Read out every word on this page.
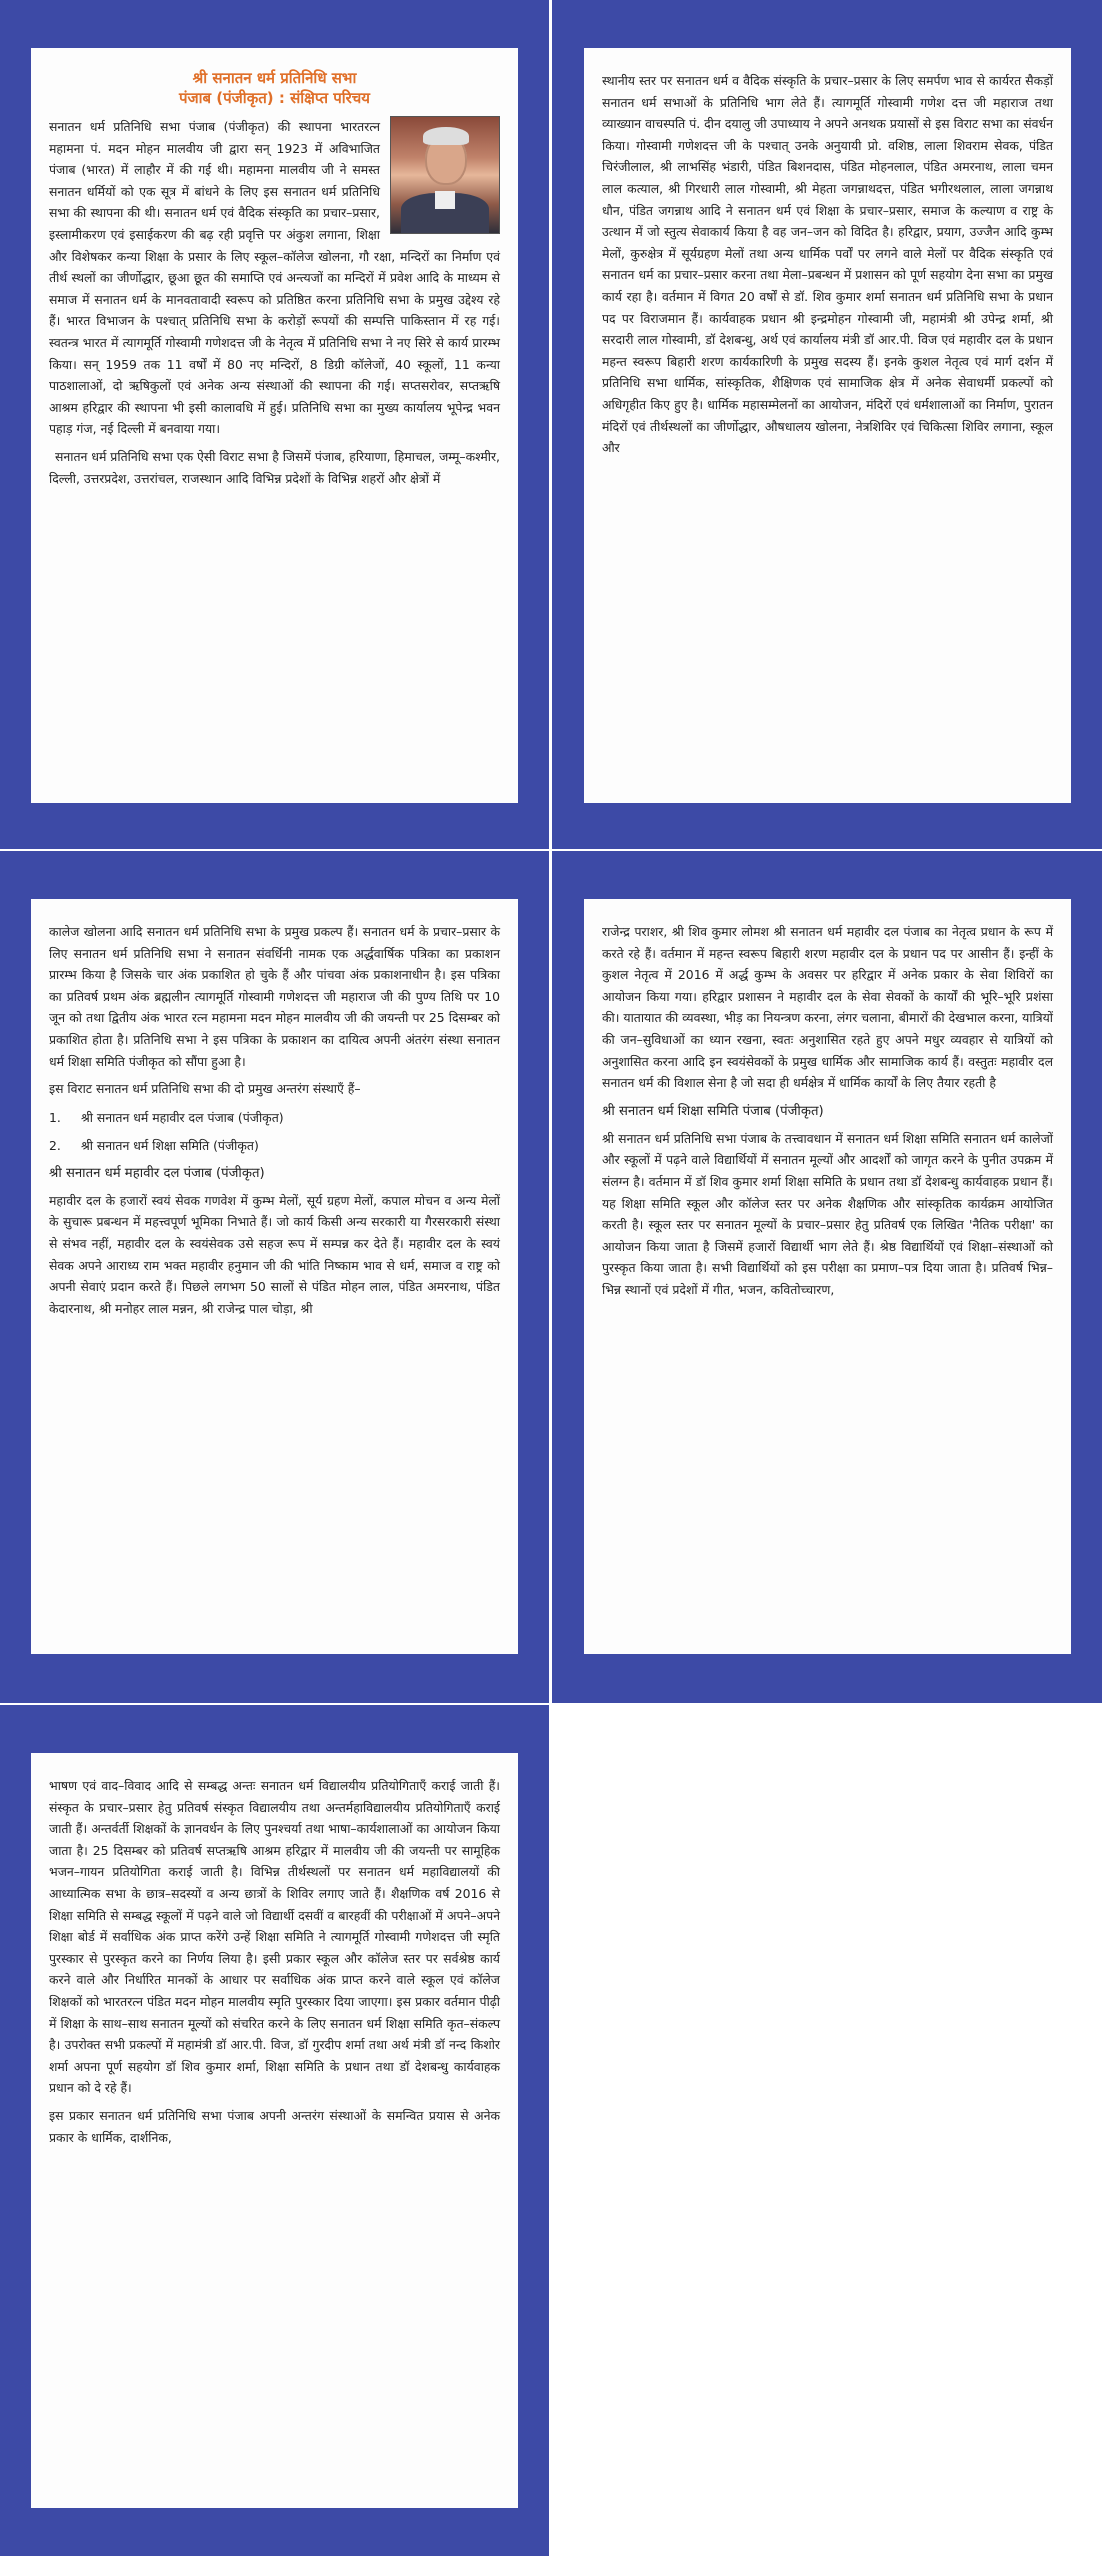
श्री सनातन धर्म प्रतिनिधि सभा
पंजाब (पंजीकृत) : संक्षिप्त परिचय

सनातन धर्म प्रतिनिधि सभा पंजाब (पंजीकृत) की स्थापना भारतरत्न महामना पं. मदन मोहन मालवीय जी द्वारा सन् 1923 में अविभाजित पंजाब (भारत) में लाहौर में की गई थी। महामना मालवीय जी ने समस्त सनातन धर्मियों को एक सूत्र में बांधने के लिए इस सनातन धर्म प्रतिनिधि सभा की स्थापना की थी। सनातन धर्म एवं वैदिक संस्कृति का प्रचार–प्रसार, इस्लामीकरण एवं इसाईकरण की बढ़ रही प्रवृत्ति पर अंकुश लगाना, शिक्षा और विशेषकर कन्या शिक्षा के प्रसार के लिए स्कूल–कॉलेज खोलना, गौ रक्षा, मन्दिरों का निर्माण एवं तीर्थ स्थलों का जीर्णोद्धार, छूआ छूत की समाप्ति एवं अन्त्यजों का मन्दिरों में प्रवेश आदि के माध्यम से समाज में सनातन धर्म के मानवतावादी स्वरूप को प्रतिष्ठित करना प्रतिनिधि सभा के प्रमुख उद्देश्य रहे हैं। भारत विभाजन के पश्चात् प्रतिनिधि सभा के करोड़ों रूपयों की सम्पत्ति पाकिस्तान में रह गई। स्वतन्त्र भारत में त्यागमूर्ति गोस्वामी गणेशदत्त जी के नेतृत्व में प्रतिनिधि सभा ने नए सिरे से कार्य प्रारम्भ किया। सन् 1959 तक 11 वर्षों में 80 नए मन्दिरों, 8 डिग्री कॉलेजों, 40 स्कूलों, 11 कन्या पाठशालाओं, दो ऋषिकुलों एवं अनेक अन्य संस्थाओं की स्थापना की गई। सप्तसरोवर, सप्तऋषि आश्रम हरिद्वार की स्थापना भी इसी कालावधि में हुई। प्रतिनिधि सभा का मुख्य कार्यालय भूपेन्द्र भवन पहाड़ गंज, नई दिल्ली में बनवाया गया।

सनातन धर्म प्रतिनिधि सभा एक ऐसी विराट सभा है जिसमें पंजाब, हरियाणा, हिमाचल, जम्मू–कश्मीर, दिल्ली, उत्तरप्रदेश, उत्तरांचल, राजस्थान आदि विभिन्न प्रदेशों के विभिन्न शहरों और क्षेत्रों में

स्थानीय स्तर पर सनातन धर्म व वैदिक संस्कृति के प्रचार–प्रसार के लिए समर्पण भाव से कार्यरत सैकड़ों सनातन धर्म सभाओं के प्रतिनिधि भाग लेते हैं। त्यागमूर्ति गोस्वामी गणेश दत्त जी महाराज तथा व्याख्यान वाचस्पति पं. दीन दयालु जी उपाध्याय ने अपने अनथक प्रयासों से इस विराट सभा का संवर्धन किया। गोस्वामी गणेशदत्त जी के पश्चात् उनके अनुयायी प्रो. वशिष्ठ, लाला शिवराम सेवक, पंडित चिरंजीलाल, श्री लाभसिंह भंडारी, पंडित बिशनदास, पंडित मोहनलाल, पंडित अमरनाथ, लाला चमन लाल कत्याल, श्री गिरधारी लाल गोस्वामी, श्री मेहता जगन्नाथदत्त, पंडित भगीरथलाल, लाला जगन्नाथ धौन, पंडित जगन्नाथ आदि ने सनातन धर्म एवं शिक्षा के प्रचार–प्रसार, समाज के कल्याण व राष्ट्र के उत्थान में जो स्तुत्य सेवाकार्य किया है वह जन–जन को विदित है। हरिद्वार, प्रयाग, उज्जैन आदि कुम्भ मेलों, कुरुक्षेत्र में सूर्यग्रहण मेलों तथा अन्य धार्मिक पर्वों पर लगने वाले मेलों पर वैदिक संस्कृति एवं सनातन धर्म का प्रचार–प्रसार करना तथा मेला–प्रबन्धन में प्रशासन को पूर्ण सहयोग देना सभा का प्रमुख कार्य रहा है। वर्तमान में विगत 20 वर्षों से डॉ. शिव कुमार शर्मा सनातन धर्म प्रतिनिधि सभा के प्रधान पद पर विराजमान हैं। कार्यवाहक प्रधान श्री इन्द्रमोहन गोस्वामी जी, महामंत्री श्री उपेन्द्र शर्मा, श्री सरदारी लाल गोस्वामी, डॉ देशबन्धु, अर्थ एवं कार्यालय मंत्री डॉ आर.पी. विज एवं महावीर दल के प्रधान महन्त स्वरूप बिहारी शरण कार्यकारिणी के प्रमुख सदस्य हैं। इनके कुशल नेतृत्व एवं मार्ग दर्शन में प्रतिनिधि सभा धार्मिक, सांस्कृतिक, शैक्षिणक एवं सामाजिक क्षेत्र में अनेक सेवाधर्मी प्रकल्पों को अधिगृहीत किए हुए है। धार्मिक महासम्मेलनों का आयोजन, मंदिरों एवं धर्मशालाओं का निर्माण, पुरातन मंदिरों एवं तीर्थस्थलों का जीर्णोद्धार, औषधालय खोलना, नेत्रशिविर एवं चिकित्सा शिविर लगाना, स्कूल और

कालेज खोलना आदि सनातन धर्म प्रतिनिधि सभा के प्रमुख प्रकल्प हैं। सनातन धर्म के प्रचार–प्रसार के लिए सनातन धर्म प्रतिनिधि सभा ने सनातन संवर्धिनी नामक एक अर्द्धवार्षिक पत्रिका का प्रकाशन प्रारम्भ किया है जिसके चार अंक प्रकाशित हो चुके हैं और पांचवा अंक प्रकाशनाधीन है। इस पत्रिका का प्रतिवर्ष प्रथम अंक ब्रह्मलीन त्यागमूर्ति गोस्वामी गणेशदत्त जी महाराज जी की पुण्य तिथि पर 10 जून को तथा द्वितीय अंक भारत रत्न महामना मदन मोहन मालवीय जी की जयन्ती पर 25 दिसम्बर को प्रकाशित होता है। प्रतिनिधि सभा ने इस पत्रिका के प्रकाशन का दायित्व अपनी अंतरंग संस्था सनातन धर्म शिक्षा समिति पंजीकृत को सौंपा हुआ है।

इस विराट सनातन धर्म प्रतिनिधि सभा की दो प्रमुख अन्तरंग संस्थाएँ हैं–

1.	श्री सनातन धर्म महावीर दल पंजाब (पंजीकृत)
2.	श्री सनातन धर्म शिक्षा समिति (पंजीकृत)
श्री सनातन धर्म महावीर दल पंजाब (पंजीकृत)

महावीर दल के हजारों स्वयं सेवक गणवेश में कुम्भ मेलों, सूर्य ग्रहण मेलों, कपाल मोचन व अन्य मेलों के सुचारू प्रबन्धन में महत्त्वपूर्ण भूमिका निभाते हैं। जो कार्य किसी अन्य सरकारी या गैरसरकारी संस्था से संभव नहीं, महावीर दल के स्वयंसेवक उसे सहज रूप में सम्पन्न कर देते हैं। महावीर दल के स्वयं सेवक अपने आराध्य राम भक्त महावीर हनुमान जी की भांति निष्काम भाव से धर्म, समाज व राष्ट्र को अपनी सेवाएं प्रदान करते हैं। पिछले लगभग 50 सालों से पंडित मोहन लाल, पंडित अमरनाथ, पंडित केदारनाथ, श्री मनोहर लाल मन्नन, श्री राजेन्द्र पाल चोड़ा, श्री

राजेन्द्र पराशर, श्री शिव कुमार लोमश श्री सनातन धर्म महावीर दल पंजाब का नेतृत्व प्रधान के रूप में करते रहे हैं। वर्तमान में महन्त स्वरूप बिहारी शरण महावीर दल के प्रधान पद पर आसीन हैं। इन्हीं के कुशल नेतृत्व में 2016 में अर्द्ध कुम्भ के अवसर पर हरिद्वार में अनेक प्रकार के सेवा शिविरों का आयोजन किया गया। हरिद्वार प्रशासन ने महावीर दल के सेवा सेवकों के कार्यों की भूरि–भूरि प्रशंसा की। यातायात की व्यवस्था, भीड़ का नियन्त्रण करना, लंगर चलाना, बीमारों की देखभाल करना, यात्रियों की जन–सुविधाओं का ध्यान रखना, स्वतः अनुशासित रहते हुए अपने मधुर व्यवहार से यात्रियों को अनुशासित करना आदि इन स्वयंसेवकों के प्रमुख धार्मिक और सामाजिक कार्य हैं। वस्तुतः महावीर दल सनातन धर्म की विशाल सेना है जो सदा ही धर्मक्षेत्र में धार्मिक कार्यों के लिए तैयार रहती है

श्री सनातन धर्म शिक्षा समिति पंजाब (पंजीकृत)

श्री सनातन धर्म प्रतिनिधि सभा पंजाब के तत्त्वावधान में सनातन धर्म शिक्षा समिति सनातन धर्म कालेजों और स्कूलों में पढ़ने वाले विद्यार्थियों में सनातन मूल्यों और आदर्शों को जागृत करने के पुनीत उपक्रम में संलग्न है। वर्तमान में डॉ शिव कुमार शर्मा शिक्षा समिति के प्रधान तथा डॉ देशबन्धु कार्यवाहक प्रधान हैं। यह शिक्षा समिति स्कूल और कॉलेज स्तर पर अनेक शैक्षणिक और सांस्कृतिक कार्यक्रम आयोजित करती है। स्कूल स्तर पर सनातन मूल्यों के प्रचार–प्रसार हेतु प्रतिवर्ष एक लिखित 'नैतिक परीक्षा' का आयोजन किया जाता है जिसमें हजारों विद्यार्थी भाग लेते हैं। श्रेष्ठ विद्यार्थियों एवं शिक्षा–संस्थाओं को पुरस्कृत किया जाता है। सभी विद्यार्थियों को इस परीक्षा का प्रमाण–पत्र दिया जाता है। प्रतिवर्ष भिन्न–भिन्न स्थानों एवं प्रदेशों में गीत, भजन, कवितोच्चारण,

भाषण एवं वाद–विवाद आदि से सम्बद्ध अन्तः सनातन धर्म विद्यालयीय प्रतियोगिताएँ कराई जाती हैं। संस्कृत के प्रचार–प्रसार हेतु प्रतिवर्ष संस्कृत विद्यालयीय तथा अन्तर्महाविद्यालयीय प्रतियोगिताएँ कराई जाती हैं। अन्तर्वर्ती शिक्षकों के ज्ञानवर्धन के लिए पुनश्चर्या तथा भाषा–कार्यशालाओं का आयोजन किया जाता है। 25 दिसम्बर को प्रतिवर्ष सप्तऋषि आश्रम हरिद्वार में मालवीय जी की जयन्ती पर सामूहिक भजन–गायन प्रतियोगिता कराई जाती है। विभिन्न तीर्थस्थलों पर सनातन धर्म महाविद्यालयों की आध्यात्मिक सभा के छात्र–सदस्यों व अन्य छात्रों के शिविर लगाए जाते हैं। शैक्षणिक वर्ष 2016 से शिक्षा समिति से सम्बद्ध स्कूलों में पढ़ने वाले जो विद्यार्थी दसवीं व बारहवीं की परीक्षाओं में अपने–अपने शिक्षा बोर्ड में सर्वाधिक अंक प्राप्त करेंगे उन्हें शिक्षा समिति ने त्यागमूर्ति गोस्वामी गणेशदत्त जी स्मृति पुरस्कार से पुरस्कृत करने का निर्णय लिया है। इसी प्रकार स्कूल और कॉलेज स्तर पर सर्वश्रेष्ठ कार्य करने वाले और निर्धारित मानकों के आधार पर सर्वाधिक अंक प्राप्त करने वाले स्कूल एवं कॉलेज शिक्षकों को भारतरत्न पंडित मदन मोहन मालवीय स्मृति पुरस्कार दिया जाएगा। इस प्रकार वर्तमान पीढ़ी में शिक्षा के साथ–साथ सनातन मूल्यों को संचरित करने के लिए सनातन धर्म शिक्षा समिति कृत–संकल्प है। उपरोक्त सभी प्रकल्पों में महामंत्री डॉ आर.पी. विज, डॉ गुरदीप शर्मा तथा अर्थ मंत्री डॉ नन्द किशोर शर्मा अपना पूर्ण सहयोग डॉ शिव कुमार शर्मा, शिक्षा समिति के प्रधान तथा डॉ देशबन्धु कार्यवाहक प्रधान को दे रहे हैं।

इस प्रकार सनातन धर्म प्रतिनिधि सभा पंजाब अपनी अन्तरंग संस्थाओं के समन्वित प्रयास से अनेक प्रकार के धार्मिक, दार्शनिक,
